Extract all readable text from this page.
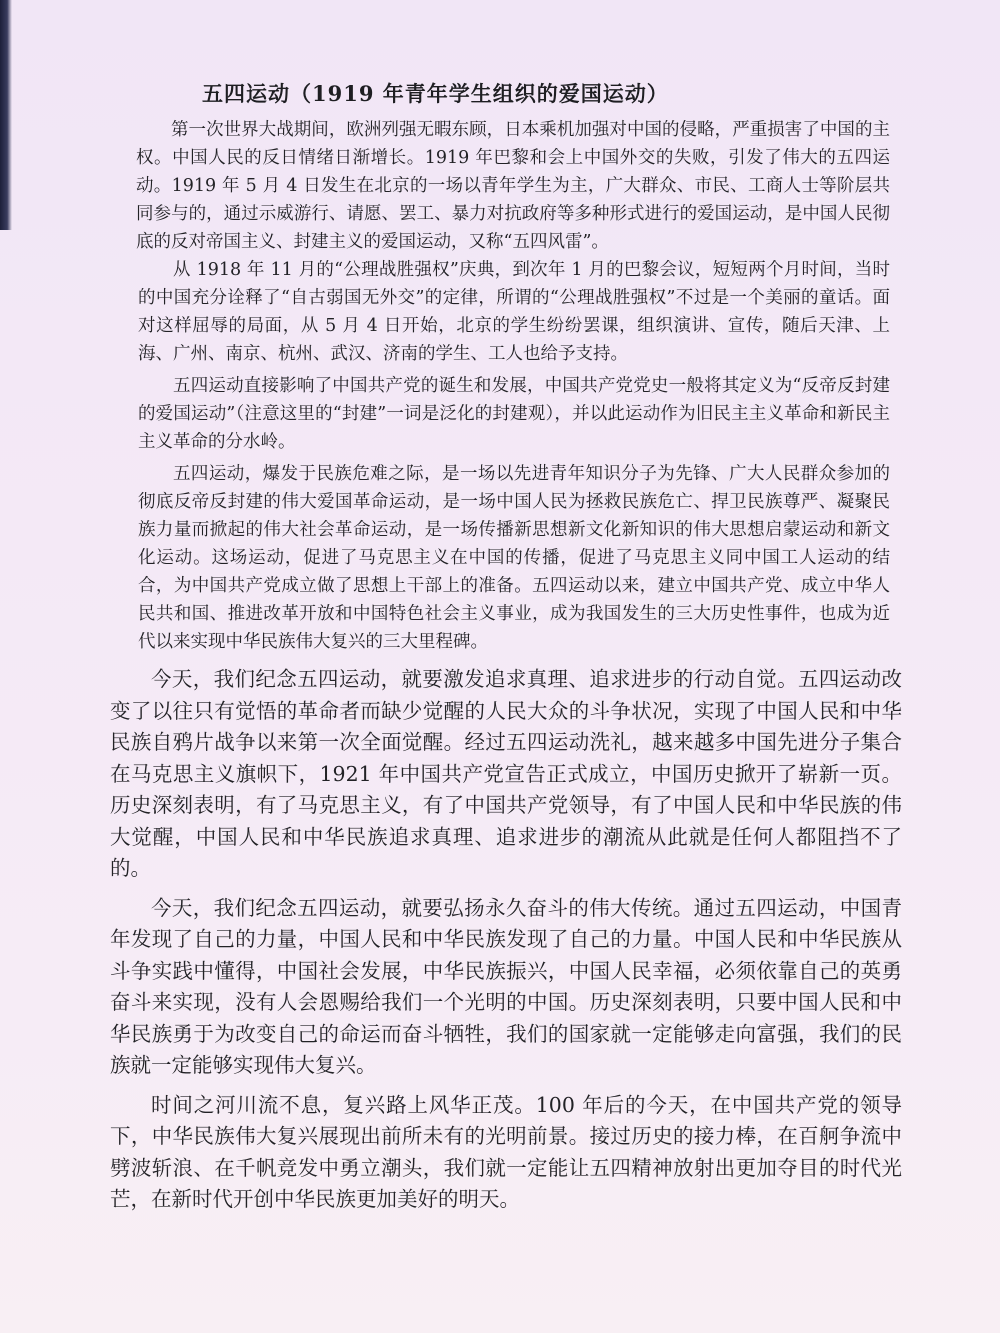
五四运动（1919 年青年学生组织的爱国运动）

第一次世界大战期间，欧洲列强无暇东顾，日本乘机加强对中国的侵略，严重损害了中国的主权。中国人民的反日情绪日渐增长。1919 年巴黎和会上中国外交的失败，引发了伟大的五四运动。1919 年 5 月 4 日发生在北京的一场以青年学生为主，广大群众、市民、工商人士等阶层共同参与的，通过示威游行、请愿、罢工、暴力对抗政府等多种形式进行的爱国运动，是中国人民彻底的反对帝国主义、封建主义的爱国运动，又称“五四风雷”。

从 1918 年 11 月的“公理战胜强权”庆典，到次年 1 月的巴黎会议，短短两个月时间，当时的中国充分诠释了“自古弱国无外交”的定律，所谓的“公理战胜强权”不过是一个美丽的童话。面对这样屈辱的局面，从 5 月 4 日开始，北京的学生纷纷罢课，组织演讲、宣传，随后天津、上海、广州、南京、杭州、武汉、济南的学生、工人也给予支持。

五四运动直接影响了中国共产党的诞生和发展，中国共产党党史一般将其定义为“反帝反封建的爱国运动”（注意这里的“封建”一词是泛化的封建观），并以此运动作为旧民主主义革命和新民主主义革命的分水岭。

五四运动，爆发于民族危难之际，是一场以先进青年知识分子为先锋、广大人民群众参加的彻底反帝反封建的伟大爱国革命运动，是一场中国人民为拯救民族危亡、捍卫民族尊严、凝聚民族力量而掀起的伟大社会革命运动，是一场传播新思想新文化新知识的伟大思想启蒙运动和新文化运动。这场运动，促进了马克思主义在中国的传播，促进了马克思主义同中国工人运动的结合，为中国共产党成立做了思想上干部上的准备。五四运动以来，建立中国共产党、成立中华人民共和国、推进改革开放和中国特色社会主义事业，成为我国发生的三大历史性事件，也成为近代以来实现中华民族伟大复兴的三大里程碑。

今天，我们纪念五四运动，就要激发追求真理、追求进步的行动自觉。五四运动改变了以往只有觉悟的革命者而缺少觉醒的人民大众的斗争状况，实现了中国人民和中华民族自鸦片战争以来第一次全面觉醒。经过五四运动洗礼，越来越多中国先进分子集合在马克思主义旗帜下，1921 年中国共产党宣告正式成立，中国历史掀开了崭新一页。历史深刻表明，有了马克思主义，有了中国共产党领导，有了中国人民和中华民族的伟大觉醒，中国人民和中华民族追求真理、追求进步的潮流从此就是任何人都阻挡不了的。

今天，我们纪念五四运动，就要弘扬永久奋斗的伟大传统。通过五四运动，中国青年发现了自己的力量，中国人民和中华民族发现了自己的力量。中国人民和中华民族从斗争实践中懂得，中国社会发展，中华民族振兴，中国人民幸福，必须依靠自己的英勇奋斗来实现，没有人会恩赐给我们一个光明的中国。历史深刻表明，只要中国人民和中华民族勇于为改变自己的命运而奋斗牺牲，我们的国家就一定能够走向富强，我们的民族就一定能够实现伟大复兴。

时间之河川流不息，复兴路上风华正茂。100 年后的今天，在中国共产党的领导下，中华民族伟大复兴展现出前所未有的光明前景。接过历史的接力棒，在百舸争流中劈波斩浪、在千帆竞发中勇立潮头，我们就一定能让五四精神放射出更加夺目的时代光芒，在新时代开创中华民族更加美好的明天。
